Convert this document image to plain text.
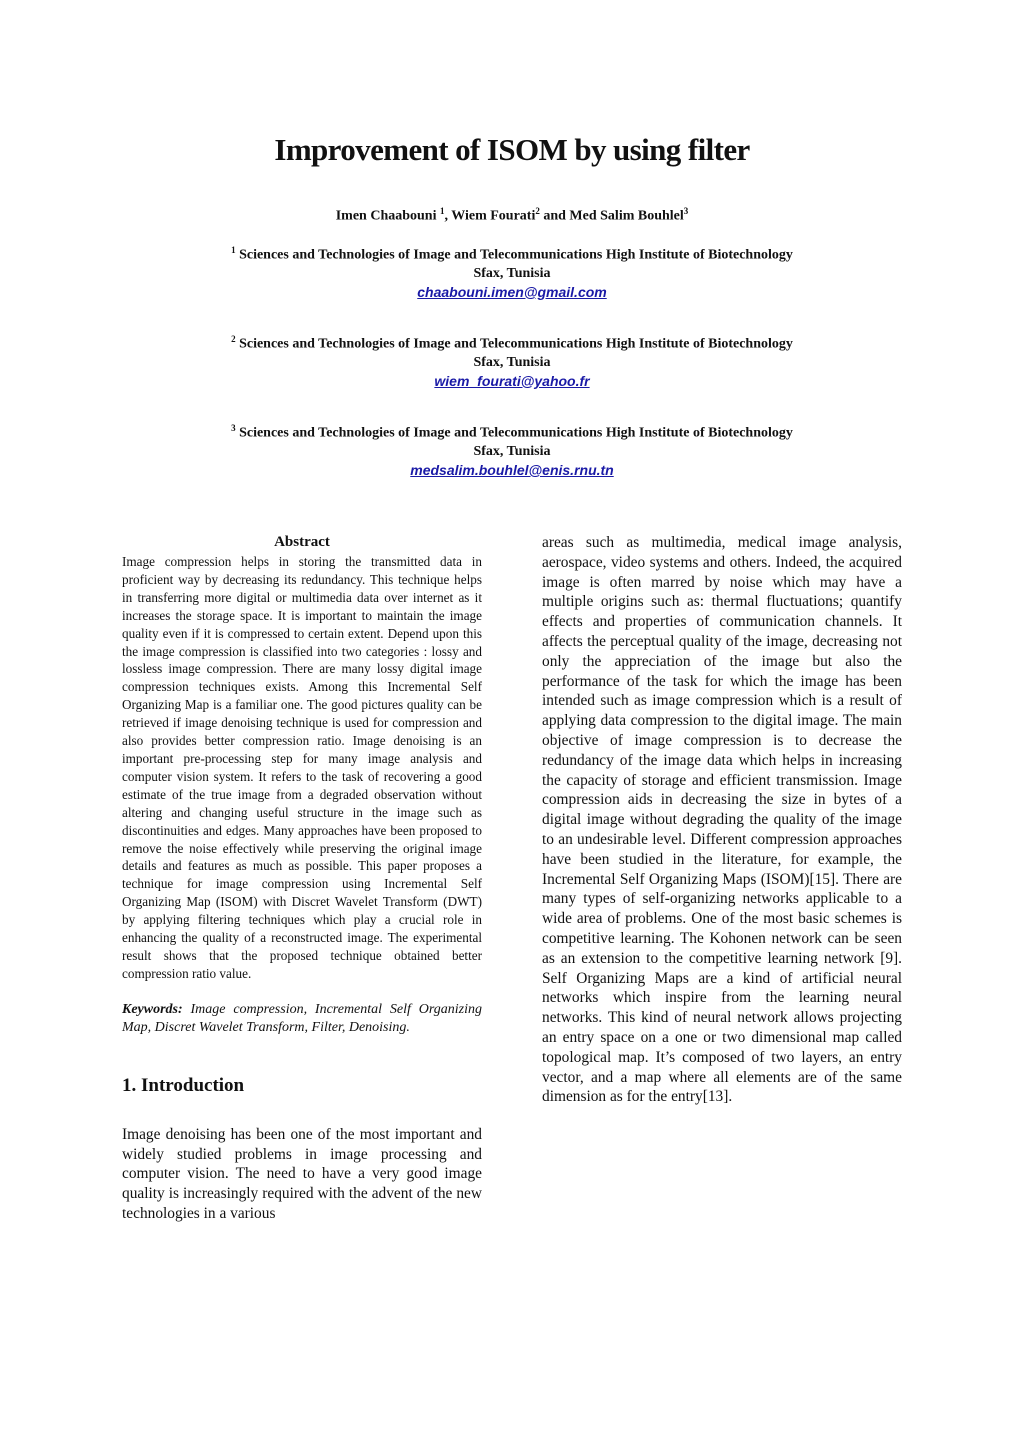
Improvement of ISOM by using filter

Imen Chaabouni $^1$, Wiem Fourati$^2$ and Med Salim Bouhlel$^3$

$^1$ Sciences and Technologies of Image and Telecommunications High Institute of Biotechnology
Sfax, Tunisia
chaabouni.imen@gmail.com
$^2$ Sciences and Technologies of Image and Telecommunications High Institute of Biotechnology
Sfax, Tunisia
wiem_fourati@yahoo.fr
$^3$ Sciences and Technologies of Image and Telecommunications High Institute of Biotechnology
Sfax, Tunisia
medsalim.bouhlel@enis.rnu.tn
Abstract

Image compression helps in storing the transmitted data in proficient way by decreasing its redundancy. This technique helps in transferring more digital or multimedia data over internet as it increases the storage space. It is important to maintain the image quality even if it is compressed to certain extent. Depend upon this the image compression is classified into two categories : lossy and lossless image compression. There are many lossy digital image compression techniques exists. Among this Incremental Self Organizing Map is a familiar one. The good pictures quality can be retrieved if image denoising technique is used for compression and also provides better compression ratio. Image denoising is an important pre-processing step for many image analysis and computer vision system. It refers to the task of recovering a good estimate of the true image from a degraded observation without altering and changing useful structure in the image such as discontinuities and edges. Many approaches have been proposed to remove the noise effectively while preserving the original image details and features as much as possible. This paper proposes a technique for image compression using Incremental Self Organizing Map (ISOM) with Discret Wavelet Transform (DWT) by applying filtering techniques which play a crucial role in enhancing the quality of a reconstructed image. The experimental result shows that the proposed technique obtained better compression ratio value.

Keywords: Image compression, Incremental Self Organizing Map, Discret Wavelet Transform, Filter, Denoising.

1. Introduction

Image denoising has been one of the most important and widely studied problems in image processing and computer vision. The need to have a very good image quality is increasingly required with the advent of the new technologies in a various

areas such as multimedia, medical image analysis, aerospace, video systems and others. Indeed, the acquired image is often marred by noise which may have a multiple origins such as: thermal fluctuations; quantify effects and properties of communication channels. It affects the perceptual quality of the image, decreasing not only the appreciation of the image but also the performance of the task for which the image has been intended such as image compression which is a result of applying data compression to the digital image. The main objective of image compression is to decrease the redundancy of the image data which helps in increasing the capacity of storage and efficient transmission. Image compression aids in decreasing the size in bytes of a digital image without degrading the quality of the image to an undesirable level. Different compression approaches have been studied in the literature, for example, the Incremental Self Organizing Maps (ISOM)[15]. There are many types of self-organizing networks applicable to a wide area of problems. One of the most basic schemes is competitive learning. The Kohonen network can be seen as an extension to the competitive learning network [9]. Self Organizing Maps are a kind of artificial neural networks which inspire from the learning neural networks. This kind of neural network allows projecting an entry space on a one or two dimensional map called topological map. It’s composed of two layers, an entry vector, and a map where all elements are of the same dimension as for the entry[13].
